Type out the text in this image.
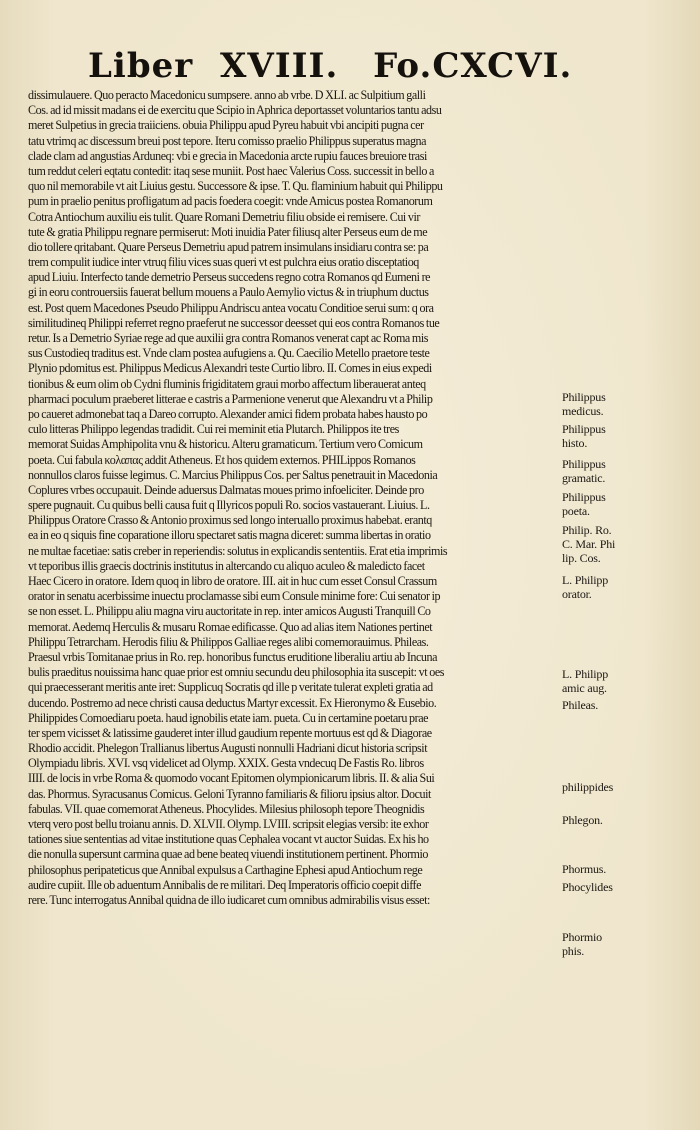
Liber XVIII. Fo.CXCVI.
dissimulauere. Quo peracto Macedonicu sumpsere. anno ab vrbe. D XLI. ac Sulpitium galli
Cos. ad id missit madans ei de exercitu que Scipio in Aphrica deportasset voluntarios tantu adsu
meret Sulpetius in grecia traiiciens. obuia Philippu apud Pyreu habuit vbi ancipiti pugna cer
tatu vtrimq ac discessum breui post tepore. Iteru comisso praelio Philippus superatus magna
clade clam ad angustias Arduneq: vbi e grecia in Macedonia arcte rupiu fauces breuiore trasi
tum reddut celeri eqtatu contedit: itaq sese muniit. Post haec Valerius Coss. successit in bello a
quo nil memorabile vt ait Liuius gestu. Successore & ipse. T. Qu. flaminium habuit qui Philippu
pum in praelio penitus profligatum ad pacis foedera coegit: vnde Amicus postea Romanorum
Cotra Antiochum auxiliu eis tulit. Quare Romani Demetriu filiu obside ei remisere. Cui vir
tute & gratia Philippu regnare permiserut: Moti inuidia Pater filiusq alter Perseus eum de me
dio tollere qritabant. Quare Perseus Demetriu apud patrem insimulans insidiaru contra se: pa
trem compulit iudice inter vtruq filiu vices suas queri vt est pulchra eius oratio disceptatioq
apud Liuiu. Interfecto tande demetrio Perseus succedens regno cotra Romanos qd Eumeni re
gi in eoru controuersiis fauerat bellum mouens a Paulo Aemylio victus & in triuphum ductus
est. Post quem Macedones Pseudo Philippu Andriscu antea vocatu Conditioe serui sum: q ora
similitudineq Philippi referret regno praeferut ne successor deesset qui eos contra Romanos tue
retur. Is a Demetrio Syriae rege ad que auxilii gra contra Romanos venerat capt ac Roma mis
sus Custodieq traditus est. Vnde clam postea aufugiens a. Qu. Caecilio Metello praetore teste
Plynio pdomitus est. Philippus Medicus Alexandri teste Curtio libro. II. Comes in eius expedi
tionibus & eum olim ob Cydni fluminis frigiditatem graui morbo affectum liberauerat anteq
pharmaci poculum praeberet litterae e castris a Parmenione venerut que Alexandru vt a Philip
po caueret admonebat taq a Dareo corrupto. Alexander amici fidem probata habes hausto po
culo litteras Philippo legendas tradidit. Cui rei meminit etia Plutarch. Philippos ite tres
memorat Suidas Amphipolita vnu & historicu. Alteru gramaticum. Tertium vero Comicum
poeta. Cui fabula κολαπας addit Atheneus. Et hos quidem externos. PHILippos Romanos
nonnullos claros fuisse legimus. C. Marcius Philippus Cos. per Saltus penetrauit in Macedonia
Coplures vrbes occupauit. Deinde aduersus Dalmatas moues primo infoeliciter. Deinde pro
spere pugnauit. Cu quibus belli causa fuit q Illyricos populi Ro. socios vastauerant. Liuius. L.
Philippus Oratore Crasso & Antonio proximus sed longo interuallo proximus habebat. erantq
ea in eo q siquis fine coparatione illoru spectaret satis magna diceret: summa libertas in oratio
ne multae facetiae: satis creber in reperiendis: solutus in explicandis sententiis. Erat etia imprimis
vt teporibus illis graecis doctrinis institutus in altercando cu aliquo aculeo & maledicto facet
Haec Cicero in oratore. Idem quoq in libro de oratore. III. ait in huc cum esset Consul Crassum
orator in senatu acerbissime inuectu proclamasse sibi eum Consule minime fore: Cui senator ip
se non esset. L. Philippu aliu magna viru auctoritate in rep. inter amicos Augusti Tranquill Co
memorat. Aedemq Herculis & musaru Romae edificasse. Quo ad alias item Nationes pertinet
Philippu Tetrarcham. Herodis filiu & Philippos Galliae reges alibi comemorauimus. Phileas.
Praesul vrbis Tomitanae prius in Ro. rep. honoribus functus eruditione liberaliu artiu ab Incuna
bulis praeditus nouissima hanc quae prior est omniu secundu deu philosophia ita suscepit: vt oes
qui praecesserant meritis ante iret: Supplicuq Socratis qd ille p veritate tulerat expleti gratia ad
ducendo. Postremo ad nece christi causa deductus Martyr excessit. Ex Hieronymo & Eusebio.
Philippides Comoediaru poeta. haud ignobilis etate iam. pueta. Cu in certamine poetaru prae
ter spem vicisset & latissime gauderet inter illud gaudium repente mortuus est qd & Diagorae
Rhodio accidit. Phelegon Trallianus libertus Augusti nonnulli Hadriani dicut historia scripsit
Olympiadu libris. XVI. vsq videlicet ad Olymp. XXIX. Gesta vndecuq De Fastis Ro. libros
IIII. de locis in vrbe Roma & quomodo vocant Epitomen olympionicarum libris. II. & alia Sui
das. Phormus. Syracusanus Comicus. Geloni Tyranno familiaris & filioru ipsius altor. Docuit
fabulas. VII. quae comemorat Atheneus. Phocylides. Milesius philosoph tepore Theognidis
vterq vero post bellu troianu annis. D. XLVII. Olymp. LVIII. scripsit elegias versib: ite exhor
tationes siue sententias ad vitae institutione quas Cephalea vocant vt auctor Suidas. Ex his ho
die nonulla supersunt carmina quae ad bene beateq viuendi institutionem pertinent. Phormio
philosophus peripateticus que Annibal expulsus a Carthagine Ephesi apud Antiochum rege
audire cupiit. Ille ob aduentum Annibalis de re militari. Deq Imperatoris officio coepit diffe
rere. Tunc interrogatus Annibal quidna de illo iudicaret cum omnibus admirabilis visus esset:
Philippus
medicus.
Philippus
histo.
Philippus
gramatic.
Philippus
poeta.
Philip. Ro.
C. Mar. Phi
lip. Cos.
L. Philipp
orator.
L. Philipp
amic aug.
Phileas.
philippides
Phlegon.
Phormus.
Phocylides
Phormio
phis.
